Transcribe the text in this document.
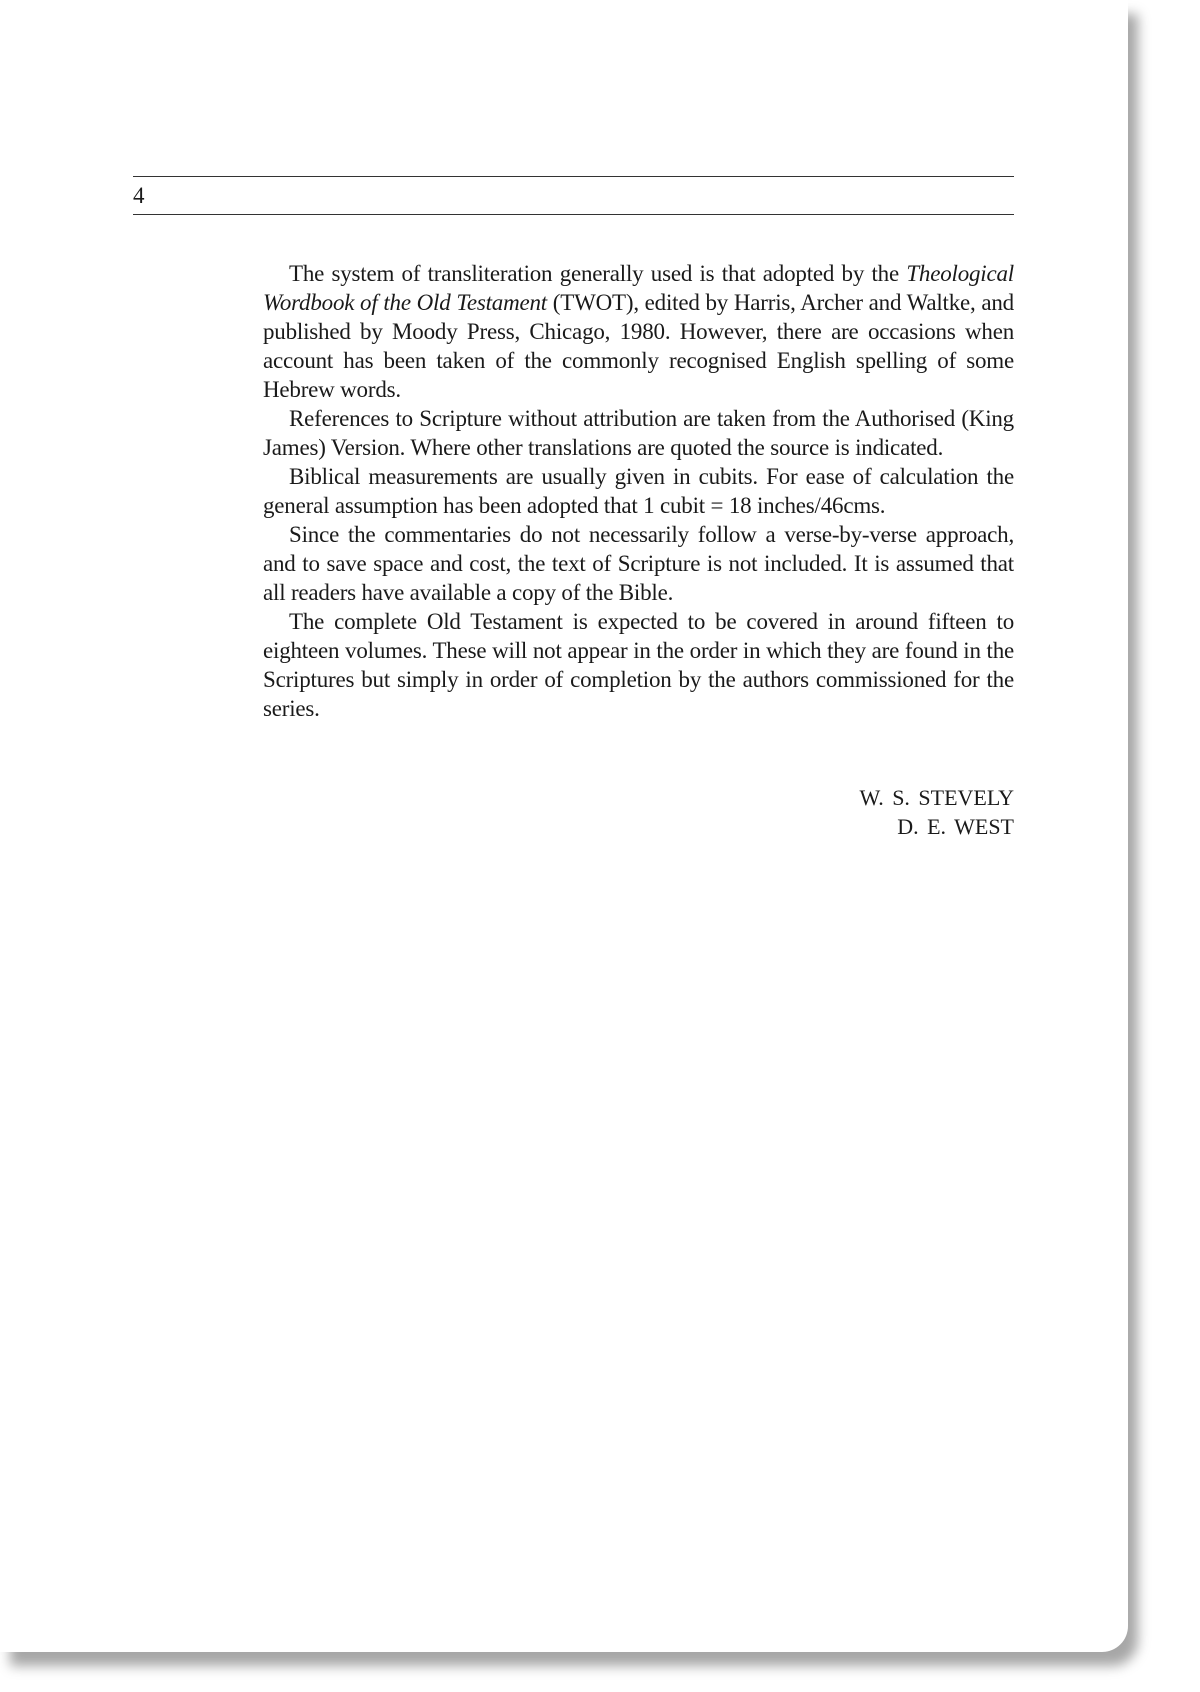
4

The system of transliteration generally used is that adopted by the Theological Wordbook of the Old Testament (TWOT), edited by Harris, Archer and Waltke, and published by Moody Press, Chicago, 1980. However, there are occasions when account has been taken of the commonly recognised English spelling of some Hebrew words.

References to Scripture without attribution are taken from the Authorised (King James) Version. Where other translations are quoted the source is indicated.

Biblical measurements are usually given in cubits. For ease of calculation the general assumption has been adopted that 1 cubit = 18 inches/46cms.

Since the commentaries do not necessarily follow a verse-by-verse approach, and to save space and cost, the text of Scripture is not included. It is assumed that all readers have available a copy of the Bible.

The complete Old Testament is expected to be covered in around fifteen to eighteen volumes. These will not appear in the order in which they are found in the Scriptures but simply in order of completion by the authors commissioned for the series.

W. S. STEVELY
D. E. WEST
